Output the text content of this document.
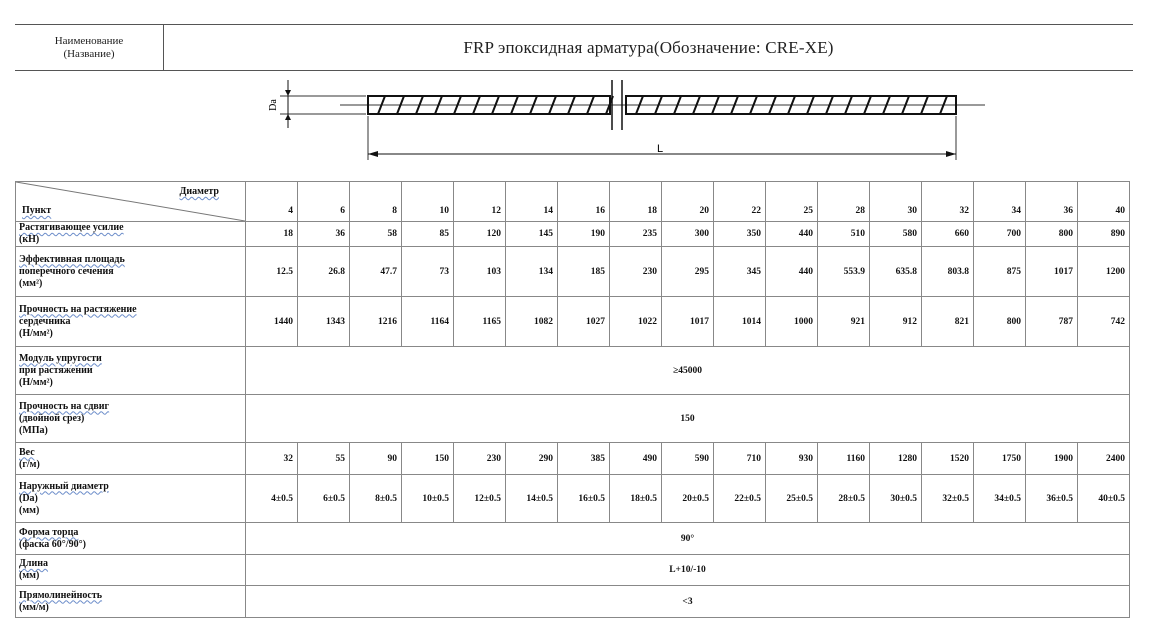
Наименование
(Название)	FRP эпоксидная арматура(Обозначение: CRE-XE)
Da
L
Диаметр
Пункт	4	6	8	10	12	14	16	18	20	22	25	28	30	32	34	36	40

Растягивающее усилие
(кН)	18	36	58	85	120	145	190	235	300	350	440	510	580	660	700	800	890

Эффективная площадь
поперечного сечения
(мм²)	12.5	26.8	47.7	73	103	134	185	230	295	345	440	553.9	635.8	803.8	875	1017	1200

Прочность на растяжение
сердечника
(Н/мм²)	1440	1343	1216	1164	1165	1082	1027	1022	1017	1014	1000	921	912	821	800	787	742

Модуль упругости
при растяжении
(Н/мм²)	≥45000																

Прочность на сдвиг
(двойной срез)
(МПа)	150																

Вес
(г/м)	32	55	90	150	230	290	385	490	590	710	930	1160	1280	1520	1750	1900	2400

Наружный диаметр
(Da)
(мм)	4±0.5	6±0.5	8±0.5	10±0.5	12±0.5	14±0.5	16±0.5	18±0.5	20±0.5	22±0.5	25±0.5	28±0.5	30±0.5	32±0.5	34±0.5	36±0.5	40±0.5

Форма торца
(фаска 60°/90°)	90°																

Длина
(мм)	L+10/-10																

Прямолинейность
(мм/м)	<3																
